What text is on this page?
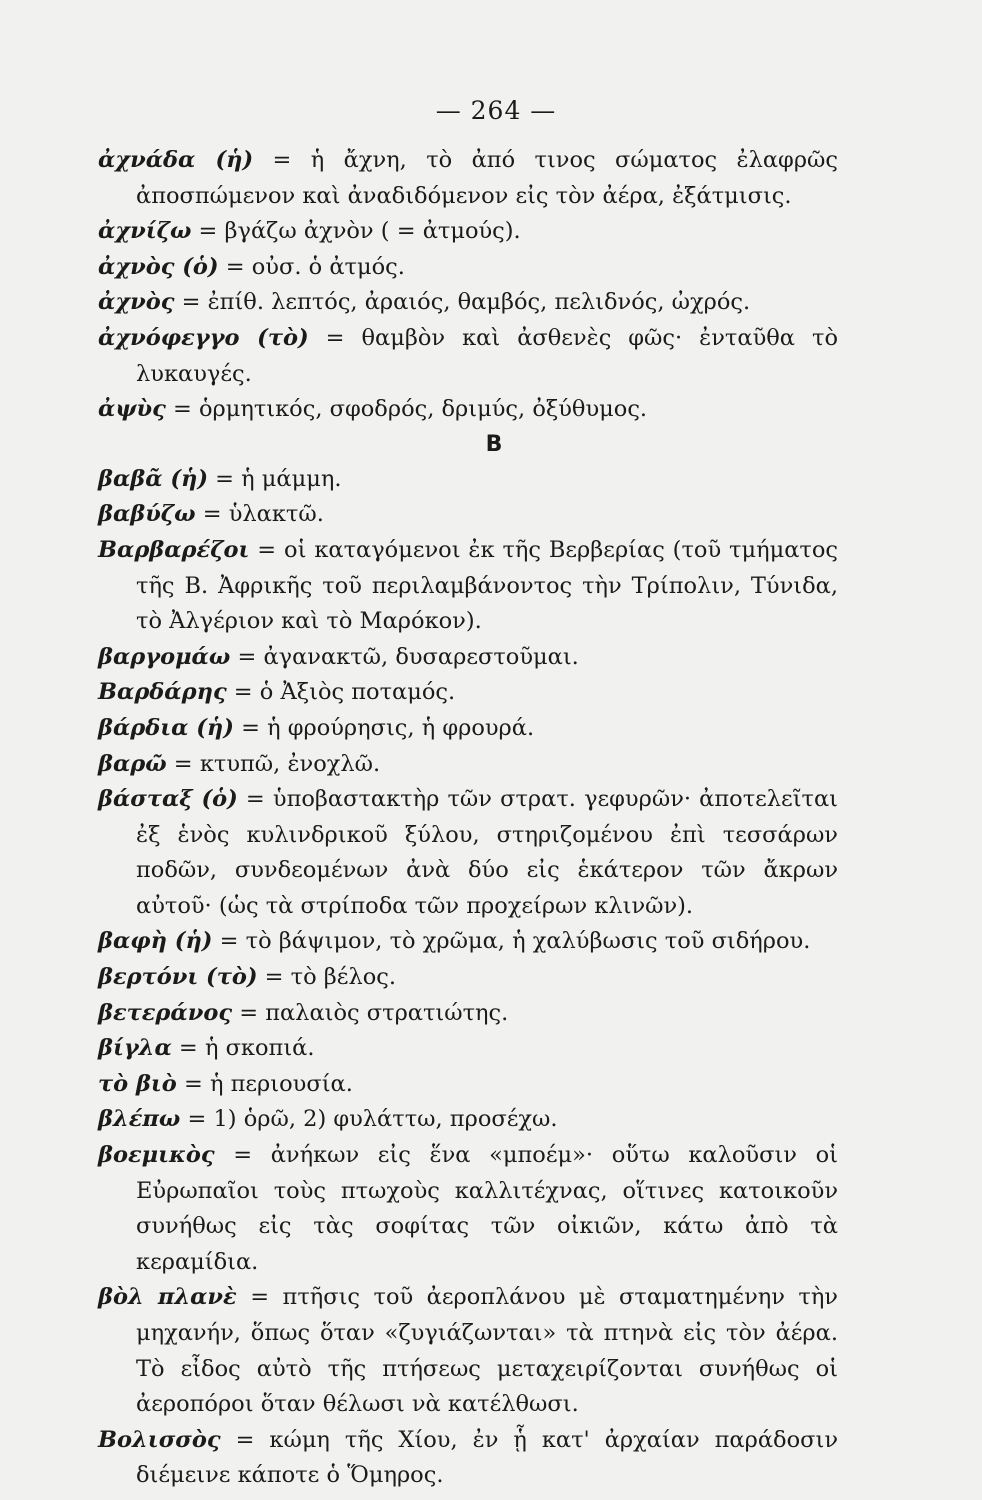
— 264 —

ἀχνάδα (ἡ) = ἡ ἄχνη, τὸ ἀπό τινος σώματος ἐλαφρῶς ἀποσπώμενον καὶ ἀναδιδόμενον εἰς τὸν ἀέρα, ἐξάτμισις.

ἀχνίζω = βγάζω ἀχνὸν ( = ἀτμούς).

ἀχνὸς (ὁ) = οὐσ. ὁ ἀτμός.

ἀχνὸς = ἐπίθ. λεπτός, ἀραιός, θαμβός, πελιδνός, ὠχρός.

ἀχνόφεγγο (τὸ) = θαμβὸν καὶ ἀσθενὲς φῶς· ἐνταῦθα τὸ λυκαυγές.

ἀψὺς = ὁρμητικός, σφοδρός, δριμύς, ὀξύθυμος.

B

βαβᾶ (ἡ) = ἡ μάμμη.

βαβύζω = ὑλακτῶ.

Βαρβαρέζοι = οἱ καταγόμενοι ἐκ τῆς Βερβερίας (τοῦ τμήματος τῆς Β. Ἀφρικῆς τοῦ περιλαμβάνοντος τὴν Τρίπολιν, Τύνιδα, τὸ Ἀλγέριον καὶ τὸ Μαρόκον).

βαργομάω = ἀγανακτῶ, δυσαρεστοῦμαι.

Βαρδάρης = ὁ Ἀξιὸς ποταμός.

βάρδια (ἡ) = ἡ φρούρησις, ἡ φρουρά.

βαρῶ = κτυπῶ, ἐνοχλῶ.

βάσταξ (ὁ) = ὑποβαστακτὴρ τῶν στρατ. γεφυρῶν· ἀποτελεῖται ἐξ ἑνὸς κυλινδρικοῦ ξύλου, στηριζομένου ἐπὶ τεσσάρων ποδῶν, συνδεομένων ἀνὰ δύο εἰς ἑκάτερον τῶν ἄκρων αὐτοῦ· (ὡς τὰ στρίποδα τῶν προχείρων κλινῶν).

βαφὴ (ἡ) = τὸ βάψιμον, τὸ χρῶμα, ἡ χαλύβωσις τοῦ σιδήρου.

βερτόνι (τὸ) = τὸ βέλος.

βετεράνος = παλαιὸς στρατιώτης.

βίγλα = ἡ σκοπιά.

τὸ βιὸ = ἡ περιουσία.

βλέπω = 1) ὁρῶ, 2) φυλάττω, προσέχω.

βοεμικὸς = ἀνήκων εἰς ἕνα «μποέμ»· οὕτω καλοῦσιν οἱ Εὐρωπαῖοι τοὺς πτωχοὺς καλλιτέχνας, οἵτινες κατοικοῦν συνήθως εἰς τὰς σοφίτας τῶν οἰκιῶν, κάτω ἀπὸ τὰ κεραμίδια.

βὸλ πλανὲ = πτῆσις τοῦ ἀεροπλάνου μὲ σταματημένην τὴν μηχανήν, ὅπως ὅταν «ζυγιάζωνται» τὰ πτηνὰ εἰς τὸν ἀέρα. Τὸ εἶδος αὐτὸ τῆς πτήσεως μεταχειρίζονται συνήθως οἱ ἀεροπόροι ὅταν θέλωσι νὰ κατέλθωσι.

Βολισσὸς = κώμη τῆς Χίου, ἐν ᾗ κατ' ἀρχαίαν παράδοσιν διέμεινε κάποτε ὁ Ὅμηρος.
